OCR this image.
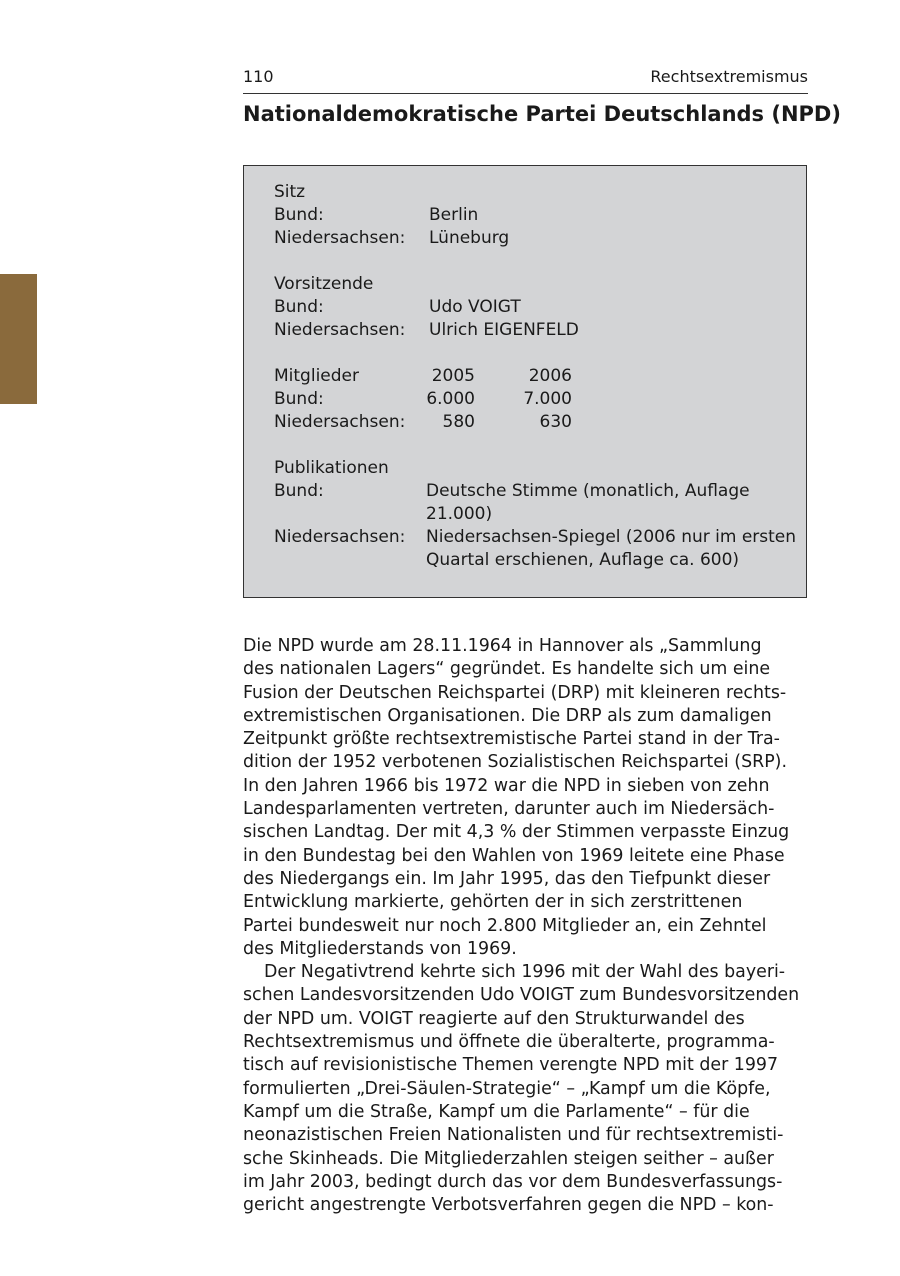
110	Rechtsextremismus
Nationaldemokratische Partei Deutschlands (NPD)
Sitz
Bund:	Berlin
Niedersachsen: Lüneburg
Vorsitzende
Bund:	Udo VOIGT
Niedersachsen: Ulrich EIGENFELD
Mitglieder	2005	2006
Bund:	6.000	7.000
Niedersachsen:	580	630
Publikationen
Bund:	Deutsche Stimme (monatlich, Auflage
21.000)
Niedersachsen: Niedersachsen-Spiegel (2006 nur im ersten
Quartal erschienen, Auflage ca. 600)

Die NPD wurde am 28.11.1964 in Hannover als „Sammlung
des nationalen Lagers“ gegründet. Es handelte sich um eine
Fusion der Deutschen Reichspartei (DRP) mit kleineren rechts-
extremistischen Organisationen. Die DRP als zum damaligen
Zeitpunkt größte rechtsextremistische Partei stand in der Tra-
dition der 1952 verbotenen Sozialistischen Reichspartei (SRP).
In den Jahren 1966 bis 1972 war die NPD in sieben von zehn
Landesparlamenten vertreten, darunter auch im Niedersäch-
sischen Landtag. Der mit 4,3 % der Stimmen verpasste Einzug
in den Bundestag bei den Wahlen von 1969 leitete eine Phase
des Niedergangs ein. Im Jahr 1995, das den Tiefpunkt dieser
Entwicklung markierte, gehörten der in sich zerstrittenen
Partei bundesweit nur noch 2.800 Mitglieder an, ein Zehntel
des Mitgliederstands von 1969.
Der Negativtrend kehrte sich 1996 mit der Wahl des bayeri-
schen Landesvorsitzenden Udo VOIGT zum Bundesvorsitzenden
der NPD um. VOIGT reagierte auf den Strukturwandel des
Rechtsextremismus und öffnete die überalterte, programma-
tisch auf revisionistische Themen verengte NPD mit der 1997
formulierten „Drei-Säulen-Strategie“ – „Kampf um die Köpfe,
Kampf um die Straße, Kampf um die Parlamente“ – für die
neonazistischen Freien Nationalisten und für rechtsextremisti-
sche Skinheads. Die Mitgliederzahlen steigen seither – außer
im Jahr 2003, bedingt durch das vor dem Bundesverfassungs-
gericht angestrengte Verbotsverfahren gegen die NPD – kon-
